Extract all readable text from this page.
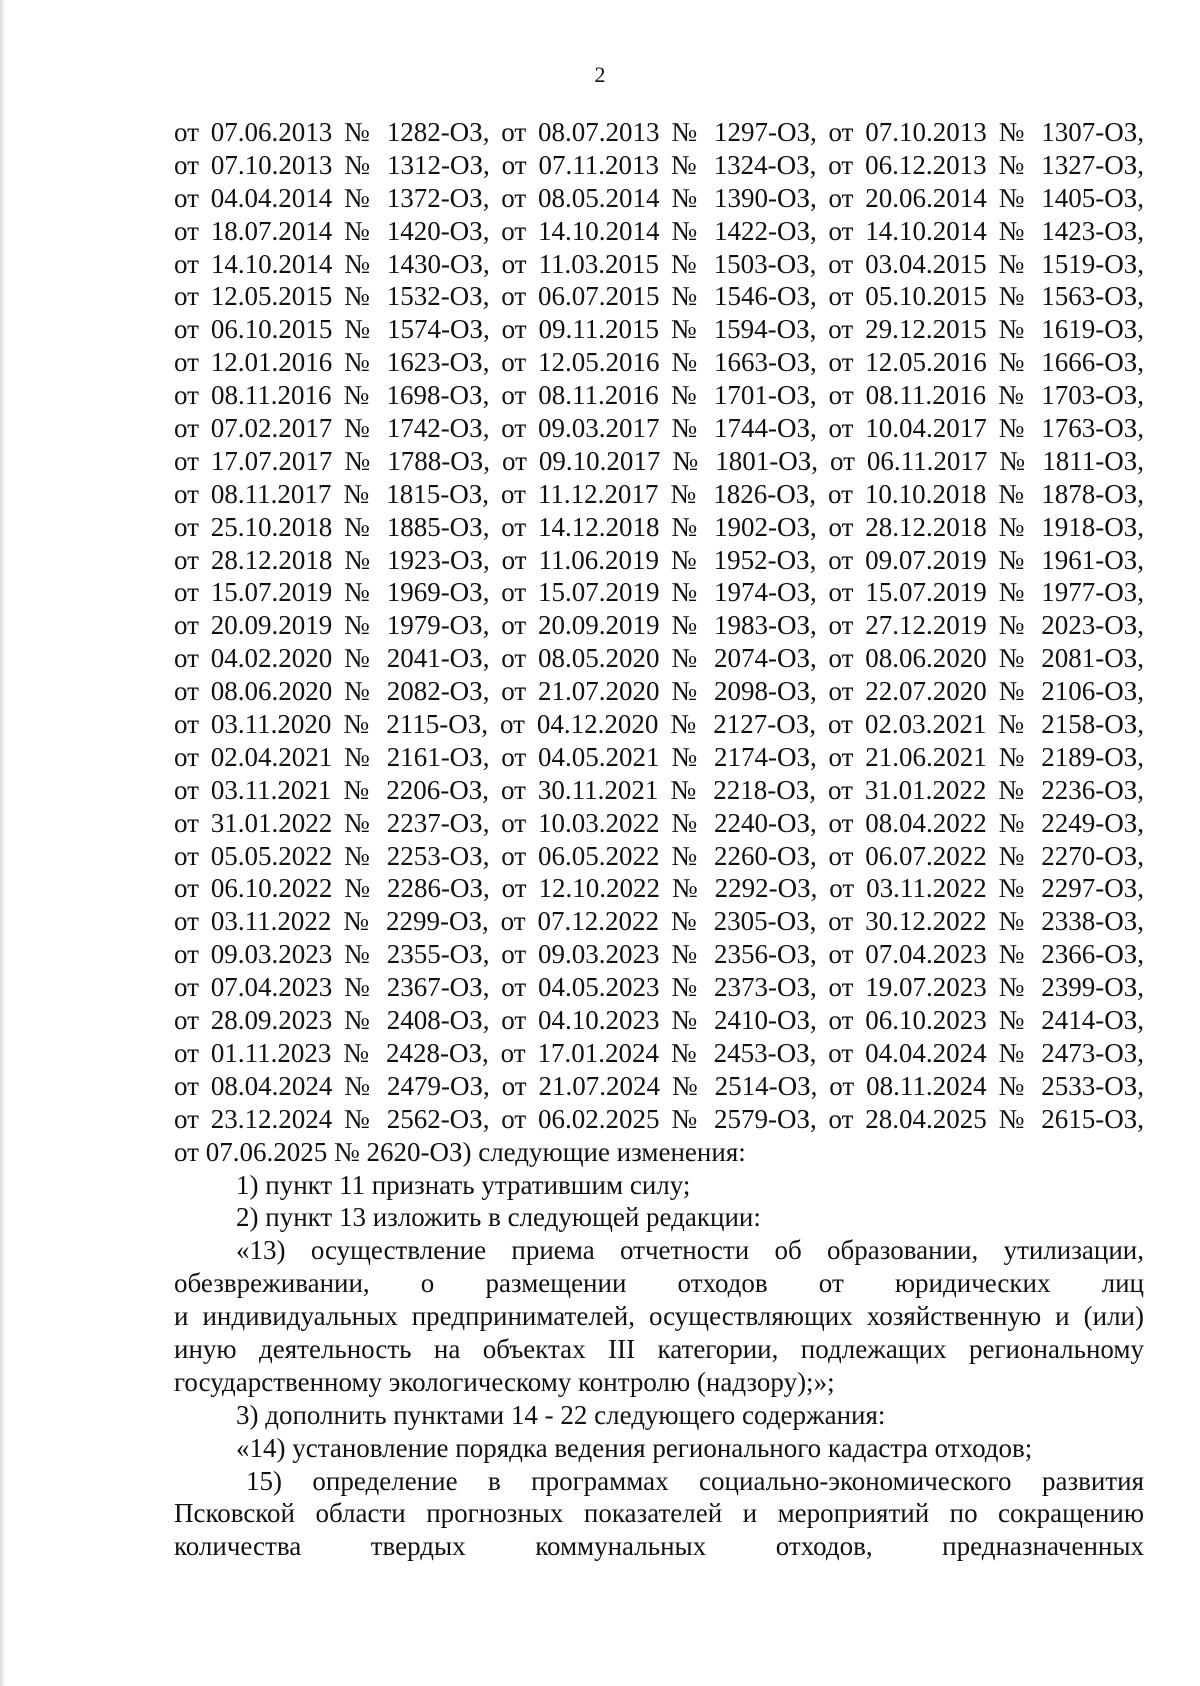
2
от 07.06.2013 № 1282-ОЗ, от 08.07.2013 № 1297-ОЗ, от 07.10.2013 № 1307-ОЗ,
от 07.10.2013 № 1312-ОЗ, от 07.11.2013 № 1324-ОЗ, от 06.12.2013 № 1327-ОЗ,
от 04.04.2014 № 1372-ОЗ, от 08.05.2014 № 1390-ОЗ, от 20.06.2014 № 1405-ОЗ,
от 18.07.2014 № 1420-ОЗ, от 14.10.2014 № 1422-ОЗ, от 14.10.2014 № 1423-ОЗ,
от 14.10.2014 № 1430-ОЗ, от 11.03.2015 № 1503-ОЗ, от 03.04.2015 № 1519-ОЗ,
от 12.05.2015 № 1532-ОЗ, от 06.07.2015 № 1546-ОЗ, от 05.10.2015 № 1563-ОЗ,
от 06.10.2015 № 1574-ОЗ, от 09.11.2015 № 1594-ОЗ, от 29.12.2015 № 1619-ОЗ,
от 12.01.2016 № 1623-ОЗ, от 12.05.2016 № 1663-ОЗ, от 12.05.2016 № 1666-ОЗ,
от 08.11.2016 № 1698-ОЗ, от 08.11.2016 № 1701-ОЗ, от 08.11.2016 № 1703-ОЗ,
от 07.02.2017 № 1742-ОЗ, от 09.03.2017 № 1744-ОЗ, от 10.04.2017 № 1763-ОЗ,
от 17.07.2017 № 1788-ОЗ, от 09.10.2017 № 1801-ОЗ, от 06.11.2017 № 1811-ОЗ,
от 08.11.2017 № 1815-ОЗ, от 11.12.2017 № 1826-ОЗ, от 10.10.2018 № 1878-ОЗ,
от 25.10.2018 № 1885-ОЗ, от 14.12.2018 № 1902-ОЗ, от 28.12.2018 № 1918-ОЗ,
от 28.12.2018 № 1923-ОЗ, от 11.06.2019 № 1952-ОЗ, от 09.07.2019 № 1961-ОЗ,
от 15.07.2019 № 1969-ОЗ, от 15.07.2019 № 1974-ОЗ, от 15.07.2019 № 1977-ОЗ,
от 20.09.2019 № 1979-ОЗ, от 20.09.2019 № 1983-ОЗ, от 27.12.2019 № 2023-ОЗ,
от 04.02.2020 № 2041-ОЗ, от 08.05.2020 № 2074-ОЗ, от 08.06.2020 № 2081-ОЗ,
от 08.06.2020 № 2082-ОЗ, от 21.07.2020 № 2098-ОЗ, от 22.07.2020 № 2106-ОЗ,
от 03.11.2020 № 2115-ОЗ, от 04.12.2020 № 2127-ОЗ, от 02.03.2021 № 2158-ОЗ,
от 02.04.2021 № 2161-ОЗ, от 04.05.2021 № 2174-ОЗ, от 21.06.2021 № 2189-ОЗ,
от 03.11.2021 № 2206-ОЗ, от 30.11.2021 № 2218-ОЗ, от 31.01.2022 № 2236-ОЗ,
от 31.01.2022 № 2237-ОЗ, от 10.03.2022 № 2240-ОЗ, от 08.04.2022 № 2249-ОЗ,
от 05.05.2022 № 2253-ОЗ, от 06.05.2022 № 2260-ОЗ, от 06.07.2022 № 2270-ОЗ,
от 06.10.2022 № 2286-ОЗ, от 12.10.2022 № 2292-ОЗ, от 03.11.2022 № 2297-ОЗ,
от 03.11.2022 № 2299-ОЗ, от 07.12.2022 № 2305-ОЗ, от 30.12.2022 № 2338-ОЗ,
от 09.03.2023 № 2355-ОЗ, от 09.03.2023 № 2356-ОЗ, от 07.04.2023 № 2366-ОЗ,
от 07.04.2023 № 2367-ОЗ, от 04.05.2023 № 2373-ОЗ, от 19.07.2023 № 2399-ОЗ,
от 28.09.2023 № 2408-ОЗ, от 04.10.2023 № 2410-ОЗ, от 06.10.2023 № 2414-ОЗ,
от 01.11.2023 № 2428-ОЗ, от 17.01.2024 № 2453-ОЗ, от 04.04.2024 № 2473-ОЗ,
от 08.04.2024 № 2479-ОЗ, от 21.07.2024 № 2514-ОЗ, от 08.11.2024 № 2533-ОЗ,
от 23.12.2024 № 2562-ОЗ, от 06.02.2025 № 2579-ОЗ, от 28.04.2025 № 2615-ОЗ,
от 07.06.2025 № 2620-ОЗ) следующие изменения:
1) пункт 11 признать утратившим силу;
2) пункт 13 изложить в следующей редакции:
«13) осуществление приема отчетности об образовании, утилизации,
обезвреживании, о размещении отходов от юридических лиц
и индивидуальных предпринимателей, осуществляющих хозяйственную и (или)
иную деятельность на объектах III категории, подлежащих региональному
государственному экологическому контролю (надзору);»;
3) дополнить пунктами 14 - 22 следующего содержания:
«14) установление порядка ведения регионального кадастра отходов;
15) определение в программах социально-экономического развития
Псковской области прогнозных показателей и мероприятий по сокращению
количества твердых коммунальных отходов, предназначенных
